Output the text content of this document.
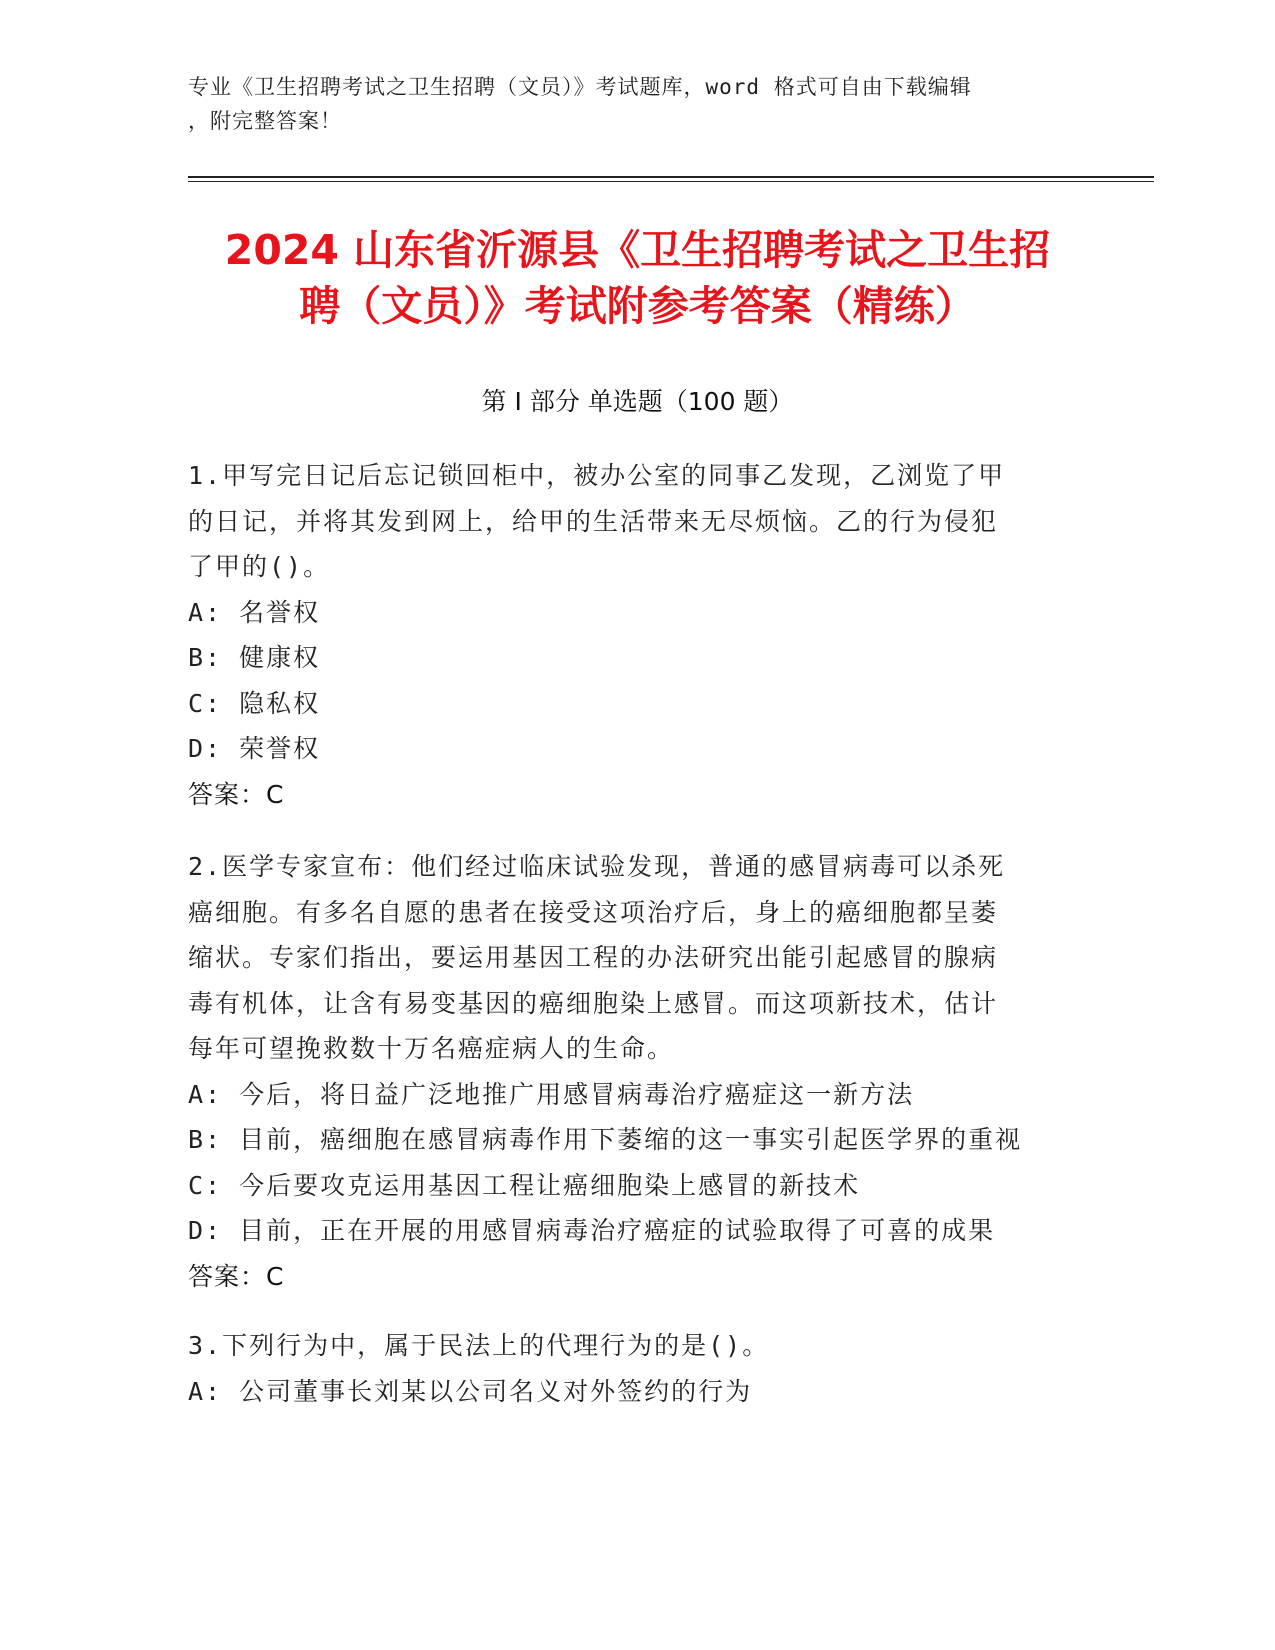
专业《卫生招聘考试之卫生招聘（文员）》考试题库，word 格式可自由下载编辑
，附完整答案！
2024 山东省沂源县《卫生招聘考试之卫生招
聘（文员）》考试附参考答案（精练）
第 I 部分 单选题（100 题）
1.甲写完日记后忘记锁回柜中，被办公室的同事乙发现，乙浏览了甲
的日记，并将其发到网上，给甲的生活带来无尽烦恼。乙的行为侵犯
了甲的()。
A: 名誉权
B: 健康权
C: 隐私权
D: 荣誉权
答案：C
2.医学专家宣布：他们经过临床试验发现，普通的感冒病毒可以杀死
癌细胞。有多名自愿的患者在接受这项治疗后，身上的癌细胞都呈萎
缩状。专家们指出，要运用基因工程的办法研究出能引起感冒的腺病
毒有机体，让含有易变基因的癌细胞染上感冒。而这项新技术，估计
每年可望挽救数十万名癌症病人的生命。
A: 今后，将日益广泛地推广用感冒病毒治疗癌症这一新方法
B: 目前，癌细胞在感冒病毒作用下萎缩的这一事实引起医学界的重视
C: 今后要攻克运用基因工程让癌细胞染上感冒的新技术
D: 目前，正在开展的用感冒病毒治疗癌症的试验取得了可喜的成果
答案：C
3.下列行为中，属于民法上的代理行为的是()。
A: 公司董事长刘某以公司名义对外签约的行为
